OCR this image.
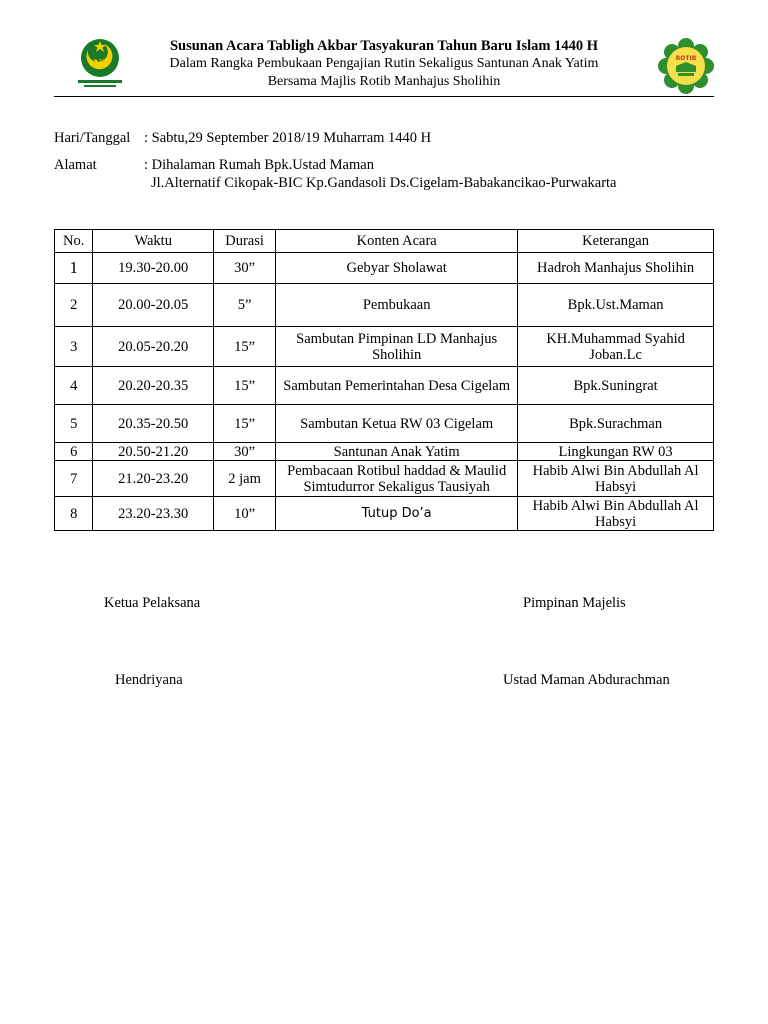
NI
Susunan Acara Tabligh Akbar Tasyakuran Tahun Baru Islam 1440 H
Dalam Rangka Pembukaan Pengajian Rutin Sekaligus Santunan Anak Yatim
Bersama Majlis Rotib Manhajus Sholihin
ROTIB
Hari/Tanggal : Sabtu,29 September 2018/19 Muharram 1440 H
Alamat	: Dihalaman Rumah Bpk.Ustad Maman
Jl.Alternatif Cikopak-BIC Kp.Gandasoli Ds.Cigelam-Babakancikao-Purwakarta
No.	Waktu	Durasi	Konten Acara	Keterangan
1	19.30-20.00	30”	Gebyar Sholawat	Hadroh Manhajus Sholihin
2	20.00-20.05	5”	Pembukaan	Bpk.Ust.Maman
3	20.05-20.20	15”	Sambutan Pimpinan LD Manhajus Sholihin	KH.Muhammad Syahid Joban.Lc
4	20.20-20.35	15”	Sambutan Pemerintahan Desa Cigelam	Bpk.Suningrat
5	20.35-20.50	15”	Sambutan Ketua RW 03 Cigelam	Bpk.Surachman
6	20.50-21.20	30”	Santunan Anak Yatim	Lingkungan RW 03
7	21.20-23.20	2 jam	Pembacaan Rotibul haddad & Maulid Simtudurror Sekaligus Tausiyah	Habib Alwi Bin Abdullah Al Habsyi
8	23.20-23.30	10”	Tutup Do’a	Habib Alwi Bin Abdullah Al Habsyi
Ketua Pelaksana	Pimpinan Majelis
Hendriyana	Ustad Maman Abdurachman
